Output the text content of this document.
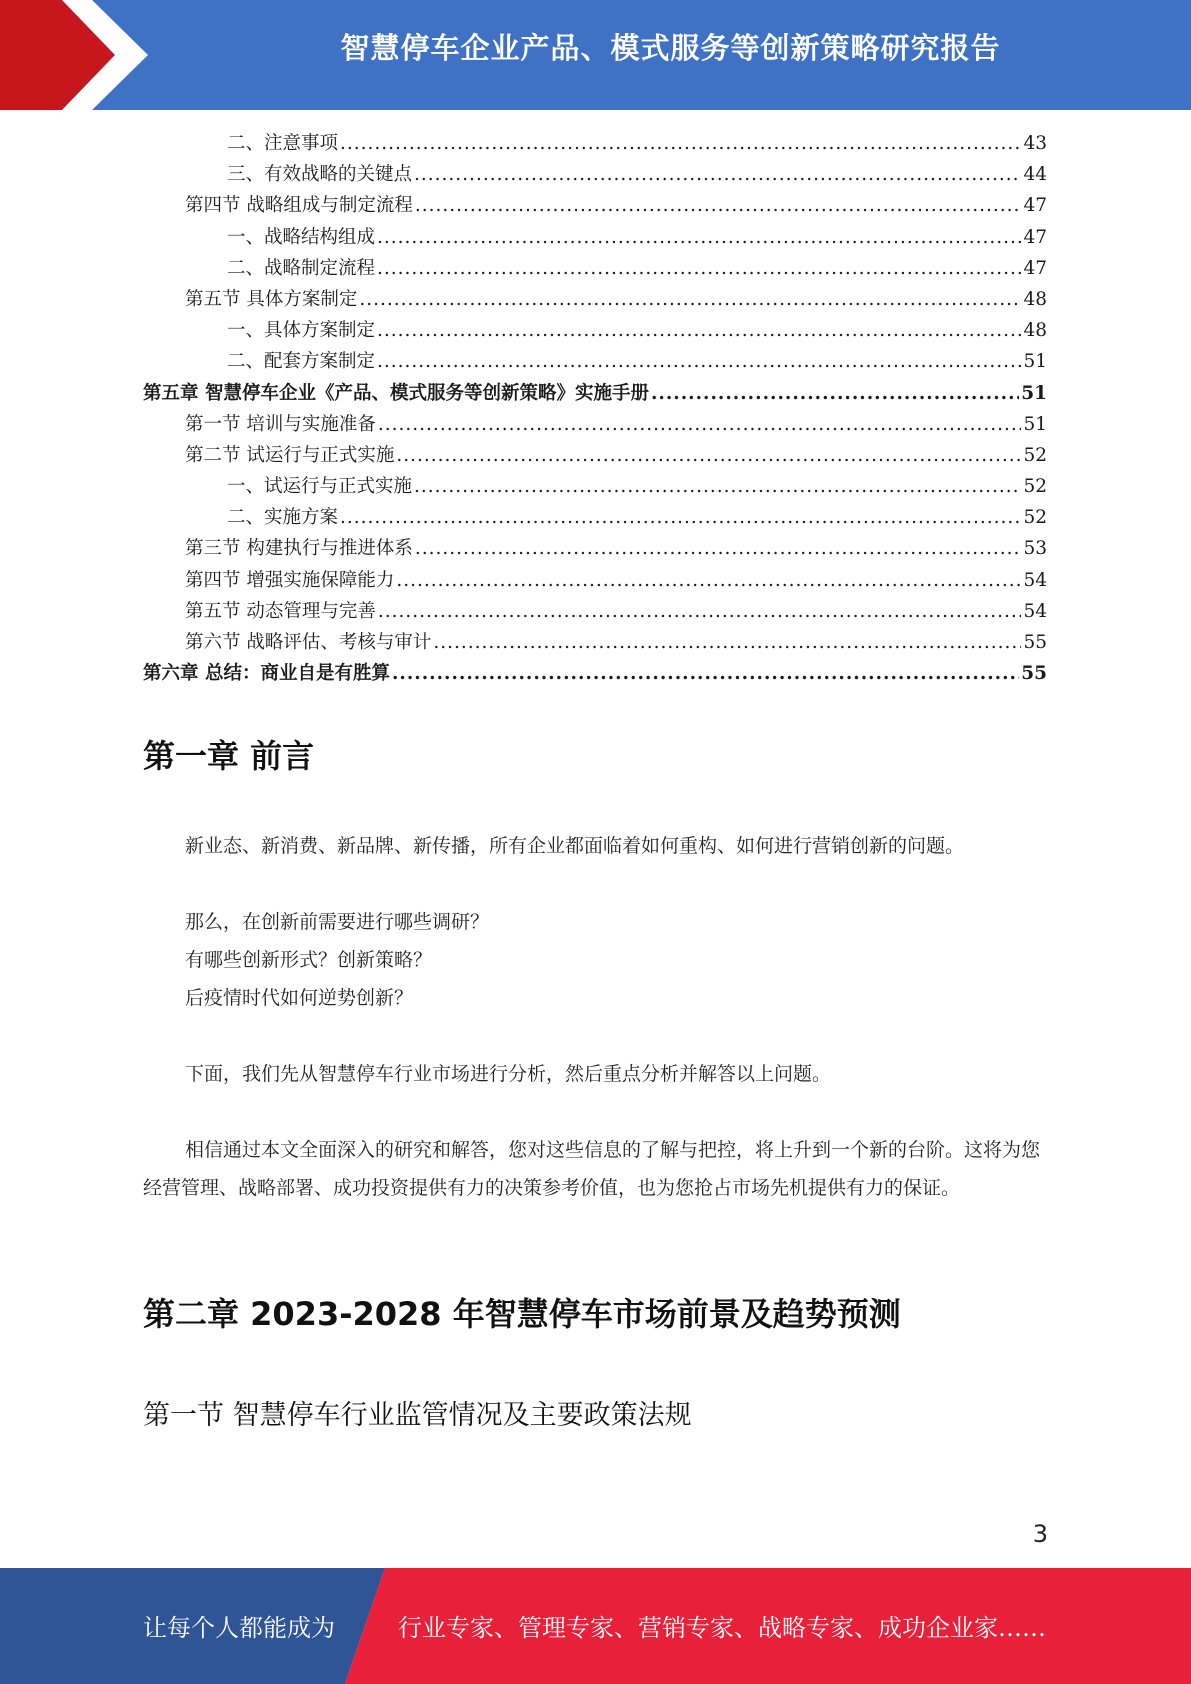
智慧停车企业产品、模式服务等创新策略研究报告
二、注意事项 .....	43
三、有效战略的关键点 .....	44
第四节 战略组成与制定流程 .....	47
一、战略结构组成 .....	47
二、战略制定流程 .....	47
第五节 具体方案制定 .....	48
一、具体方案制定 .....	48
二、配套方案制定 .....	51
第五章 智慧停车企业《产品、模式服务等创新策略》实施手册 .....	51
第一节 培训与实施准备 .....	51
第二节 试运行与正式实施 .....	52
一、试运行与正式实施 .....	52
二、实施方案 .....	52
第三节 构建执行与推进体系 .....	53
第四节 增强实施保障能力 .....	54
第五节 动态管理与完善 .....	54
第六节 战略评估、考核与审计 .....	55
第六章 总结：商业自是有胜算 .....	55
第一章 前言

新业态、新消费、新品牌、新传播，所有企业都面临着如何重构、如何进行营销创新的问题。

那么，在创新前需要进行哪些调研？

有哪些创新形式？创新策略？

后疫情时代如何逆势创新？

下面，我们先从智慧停车行业市场进行分析，然后重点分析并解答以上问题。

相信通过本文全面深入的研究和解答，您对这些信息的了解与把控，将上升到一个新的台阶。这将为您经营管理、战略部署、成功投资提供有力的决策参考价值，也为您抢占市场先机提供有力的保证。

第二章 2023-2028 年智慧停车市场前景及趋势预测
第一节 智慧停车行业监管情况及主要政策法规
3
让每个人都能成为	行业专家、管理专家、营销专家、战略专家、成功企业家……
